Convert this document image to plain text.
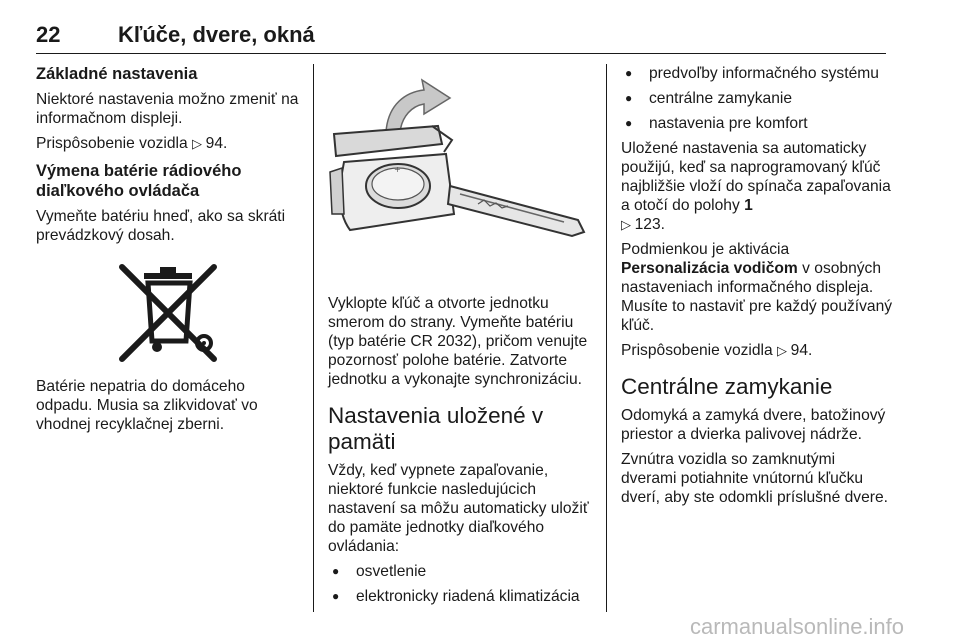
22	Kľúče, dvere, okná
Základné nastavenia

Niektoré nastavenia možno zmeniť na informačnom displeji.

Prispôsobenie vozidla ▷ 94.

Výmena batérie rádiového diaľkového ovládača

Vymeňte batériu hneď, ako sa skráti prevádzkový dosah.

Batérie nepatria do domáceho odpadu. Musia sa zlikvidovať vo vhodnej recyklačnej zberni.

+

Vyklopte kľúč a otvorte jednotku smerom do strany. Vymeňte batériu (typ batérie CR 2032), pričom venujte pozornosť polohe batérie. Zatvorte jednotku a vykonajte synchronizáciu.

Nastavenia uložené v pamäti

Vždy, keď vypnete zapaľovanie, niektoré funkcie nasledujúcich nastavení sa môžu automaticky uložiť do pamäte jednotky diaľkového ovládania:

● osvetlenie
● elektronicky riadená klimatizácia
● predvoľby informačného systému
● centrálne zamykanie
● nastavenia pre komfort

Uložené nastavenia sa automaticky použijú, keď sa naprogramovaný kľúč najbližšie vloží do spínača zapaľovania a otočí do polohy 1
▷ 123.

Podmienkou je aktivácia Personalizácia vodičom v osobných nastaveniach informačného displeja. Musíte to nastaviť pre každý používaný kľúč.

Prispôsobenie vozidla ▷ 94.

Centrálne zamykanie

Odomyká a zamyká dvere, batožinový priestor a dvierka palivovej nádrže.

Zvnútra vozidla so zamknutými dverami potiahnite vnútornú kľučku dverí, aby ste odomkli príslušné dvere.

carmanualsonline.info
